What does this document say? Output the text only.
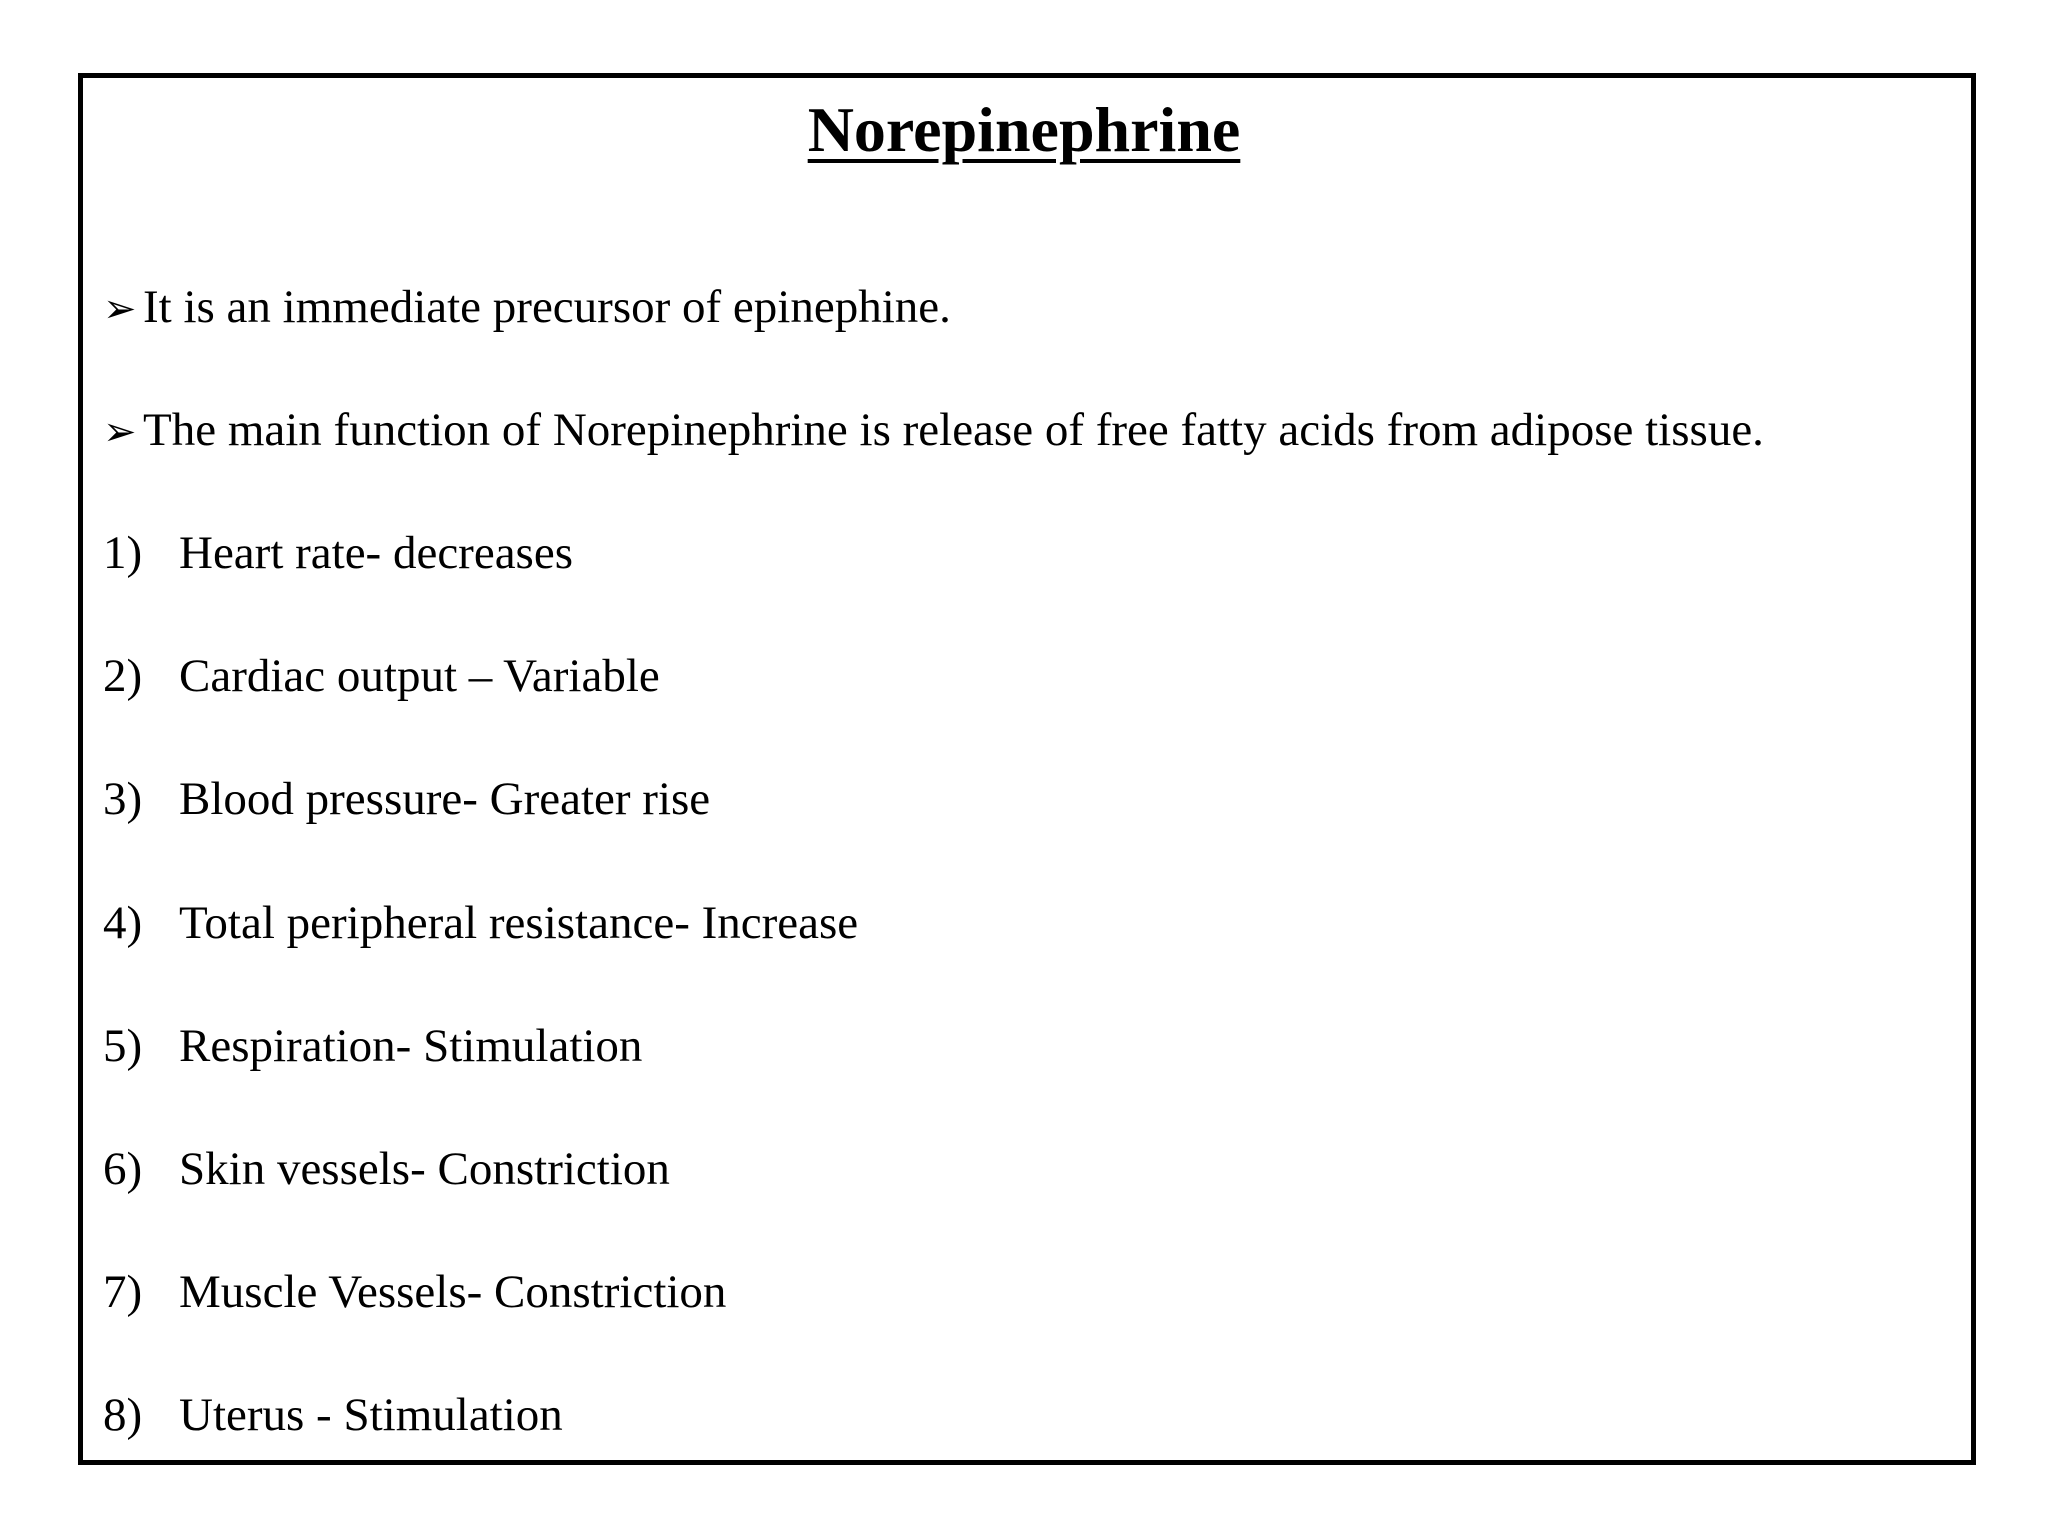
Norepinephrine
➢ It is an immediate precursor of epinephine.
➢ The main function of Norepinephrine is release of free fatty acids from adipose tissue.
1) Heart rate- decreases
2) Cardiac output – Variable
3) Blood pressure- Greater rise
4) Total peripheral resistance- Increase
5) Respiration- Stimulation
6) Skin vessels- Constriction
7) Muscle Vessels- Constriction
8) Uterus - Stimulation
